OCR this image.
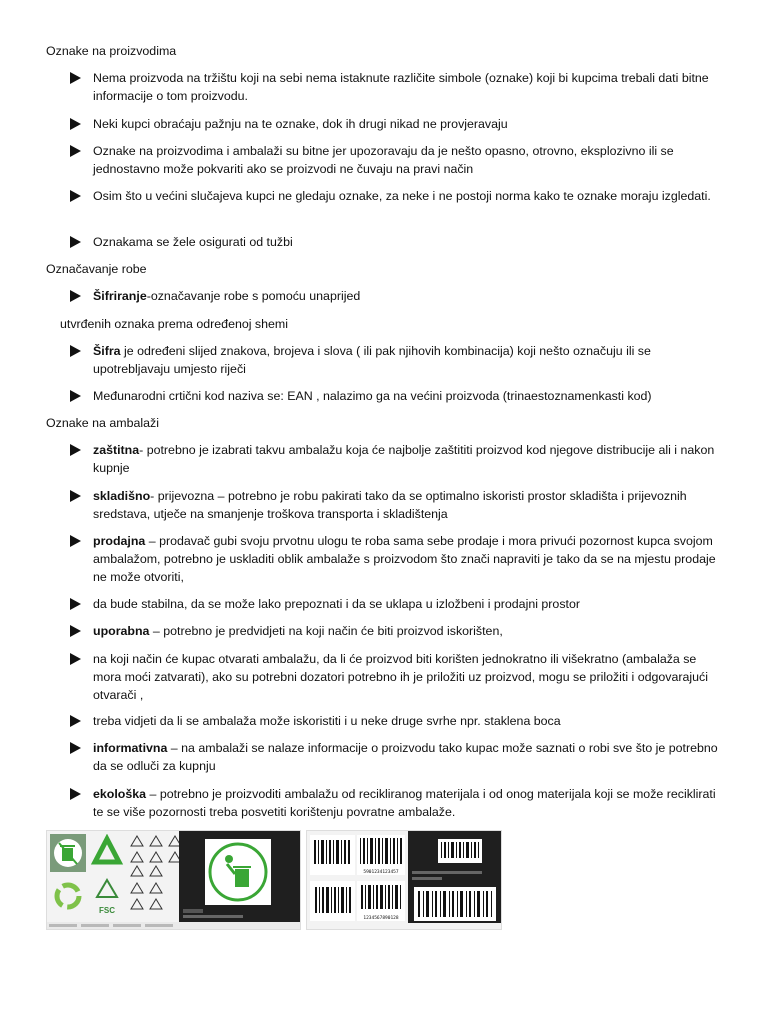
Oznake na proizvodima
Nema proizvoda na tržištu koji na sebi nema istaknute različite simbole (oznake) koji bi kupcima trebali dati bitne informacije o tom proizvodu.
Neki kupci obraćaju pažnju na te oznake, dok ih drugi nikad ne provjeravaju
Oznake na proizvodima i ambalaži su bitne jer upozoravaju da je nešto opasno, otrovno, eksplozivno ili se jednostavno može pokvariti ako se proizvodi ne čuvaju na pravi način
Osim što u većini slučajeva kupci ne gledaju oznake, za neke i ne postoji norma kako te oznake moraju izgledati.
Oznakama se žele osigurati od tužbi
Označavanje robe
Šifriranje-označavanje robe s pomoću unaprijed
utvrđenih oznaka prema određenoj shemi
Šifra je određeni slijed znakova, brojeva i slova ( ili pak njihovih kombinacija) koji nešto označuju ili se upotrebljavaju umjesto riječi
Međunarodni crtični kod naziva se: EAN , nalazimo ga na većini proizvoda (trinaestoznamenkasti kod)
Oznake na ambalaži
zaštitna- potrebno je izabrati takvu ambalažu koja će najbolje zaštititi proizvod kod njegove distribucije ali i nakon kupnje
skladišno- prijevozna – potrebno je robu pakirati tako da se optimalno iskoristi prostor skladišta i prijevoznih sredstava, utječe na smanjenje troškova transporta i skladištenja
prodajna – prodavač gubi svoju prvotnu ulogu te roba sama sebe prodaje i mora privući pozornost kupca svojom ambalažom, potrebno je uskladiti oblik ambalaže s proizvodom što znači napraviti je tako da se na mjestu prodaje ne može otvoriti,
da bude stabilna, da se može lako prepoznati i da se uklapa u izložbeni i prodajni prostor
uporabna – potrebno je predvidjeti na koji način će biti proizvod iskorišten,
na koji način će kupac otvarati ambalažu, da li će proizvod biti korišten jednokratno ili višekratno (ambalaža se mora moći zatvarati), ako su potrebni dozatori potrebno ih je priložiti uz proizvod, mogu se priložiti i odgovarajući otvarači ,
treba vidjeti da li se ambalaža može iskoristiti i u neke druge svrhe npr. staklena boca
informativna – na ambalaži se nalaze informacije o proizvodu tako kupac može saznati o robi sve što je potrebno da se odluči za kupnju
ekološka – potrebno je proizvoditi ambalažu od recikliranog materijala i od onog materijala koji se može reciklirati te se više pozornosti treba posvetiti korištenju povratne ambalaže.
FSC
5901234123457
1234567890128
